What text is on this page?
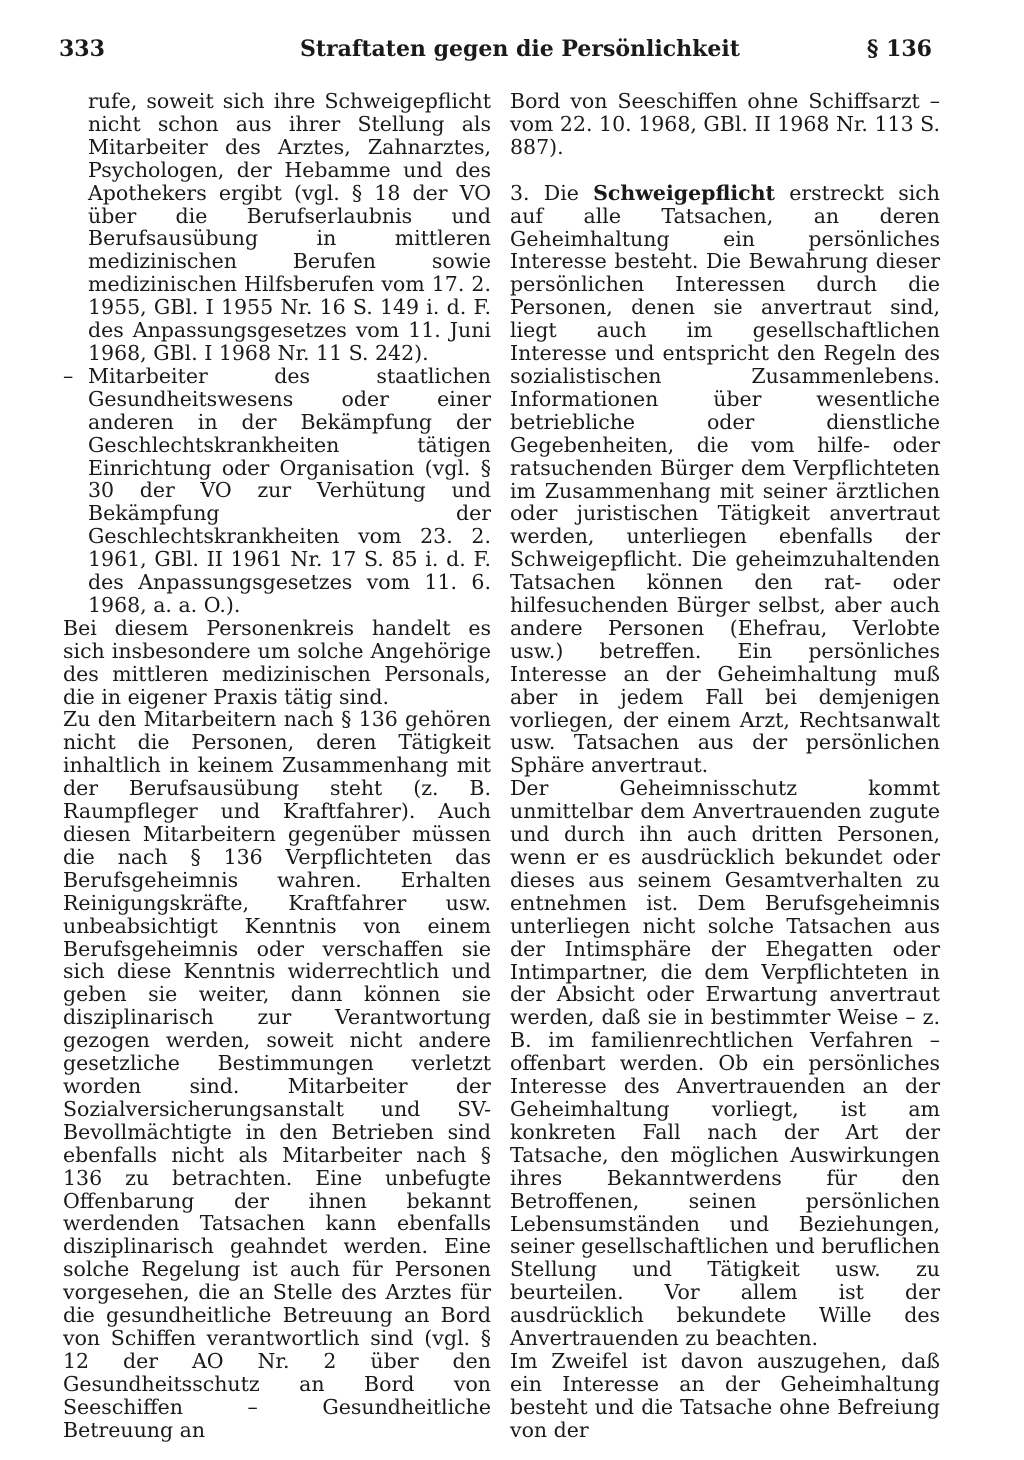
333	Straftaten gegen die Persönlichkeit	§ 136

rufe, soweit sich ihre Schweigepflicht nicht schon aus ihrer Stellung als Mitarbeiter des Arztes, Zahnarztes, Psychologen, der Hebamme und des Apothekers ergibt (vgl. § 18 der VO über die Berufserlaubnis und Berufsausübung in mittleren medizinischen Berufen sowie medizinischen Hilfsberufen vom 17. 2. 1955, GBl. I 1955 Nr. 16 S. 149 i. d. F. des Anpassungsgesetzes vom 11. Juni 1968, GBl. I 1968 Nr. 11 S. 242).

– Mitarbeiter des staatlichen Gesundheitswesens oder einer anderen in der Bekämpfung der Geschlechtskrankheiten tätigen Einrichtung oder Organisation (vgl. § 30 der VO zur Verhütung und Bekämpfung der Geschlechtskrankheiten vom 23. 2. 1961, GBl. II 1961 Nr. 17 S. 85 i. d. F. des Anpassungsgesetzes vom 11. 6. 1968, a. a. O.).

Bei diesem Personenkreis handelt es sich insbesondere um solche Angehörige des mittleren medizinischen Personals, die in eigener Praxis tätig sind.

Zu den Mitarbeitern nach § 136 gehören nicht die Personen, deren Tätigkeit inhaltlich in keinem Zusammenhang mit der Berufsausübung steht (z. B. Raumpfleger und Kraftfahrer). Auch diesen Mitarbeitern gegenüber müssen die nach § 136 Verpflichteten das Berufsgeheimnis wahren. Erhalten Reinigungskräfte, Kraftfahrer usw. unbeabsichtigt Kenntnis von einem Berufsgeheimnis oder verschaffen sie sich diese Kenntnis widerrechtlich und geben sie weiter, dann können sie disziplinarisch zur Verantwortung gezogen werden, soweit nicht andere gesetzliche Bestimmungen verletzt worden sind. Mitarbeiter der Sozialversicherungsanstalt und SV-Bevollmächtigte in den Betrieben sind ebenfalls nicht als Mitarbeiter nach § 136 zu betrachten. Eine unbefugte Offenbarung der ihnen bekannt werdenden Tatsachen kann ebenfalls disziplinarisch geahndet werden. Eine solche Regelung ist auch für Personen vorgesehen, die an Stelle des Arztes für die gesundheitliche Betreuung an Bord von Schiffen verantwortlich sind (vgl. § 12 der AO Nr. 2 über den Gesundheitsschutz an Bord von Seeschiffen – Gesundheitliche Betreuung an

Bord von Seeschiffen ohne Schiffsarzt – vom 22. 10. 1968, GBl. II 1968 Nr. 113 S. 887).

3. Die Schweigepflicht erstreckt sich auf alle Tatsachen, an deren Geheimhaltung ein persönliches Interesse besteht. Die Bewahrung dieser persönlichen Interessen durch die Personen, denen sie anvertraut sind, liegt auch im gesellschaftlichen Interesse und entspricht den Regeln des sozialistischen Zusammenlebens. Informationen über wesentliche betriebliche oder dienstliche Gegebenheiten, die vom hilfe- oder ratsuchenden Bürger dem Verpflichteten im Zusammenhang mit seiner ärztlichen oder juristischen Tätigkeit anvertraut werden, unterliegen ebenfalls der Schweigepflicht. Die geheimzuhaltenden Tatsachen können den rat- oder hilfesuchenden Bürger selbst, aber auch andere Personen (Ehefrau, Verlobte usw.) betreffen. Ein persönliches Interesse an der Geheimhaltung muß aber in jedem Fall bei demjenigen vorliegen, der einem Arzt, Rechtsanwalt usw. Tatsachen aus der persönlichen Sphäre anvertraut.

Der Geheimnisschutz kommt unmittelbar dem Anvertrauenden zugute und durch ihn auch dritten Personen, wenn er es ausdrücklich bekundet oder dieses aus seinem Gesamtverhalten zu entnehmen ist. Dem Berufsgeheimnis unterliegen nicht solche Tatsachen aus der Intimsphäre der Ehegatten oder Intimpartner, die dem Verpflichteten in der Absicht oder Erwartung anvertraut werden, daß sie in bestimmter Weise – z. B. im familienrechtlichen Verfahren – offenbart werden. Ob ein persönliches Interesse des Anvertrauenden an der Geheimhaltung vorliegt, ist am konkreten Fall nach der Art der Tatsache, den möglichen Auswirkungen ihres Bekanntwerdens für den Betroffenen, seinen persönlichen Lebensumständen und Beziehungen, seiner gesellschaftlichen und beruflichen Stellung und Tätigkeit usw. zu beurteilen. Vor allem ist der ausdrücklich bekundete Wille des Anvertrauenden zu beachten.

Im Zweifel ist davon auszugehen, daß ein Interesse an der Geheimhaltung besteht und die Tatsache ohne Befreiung von der
